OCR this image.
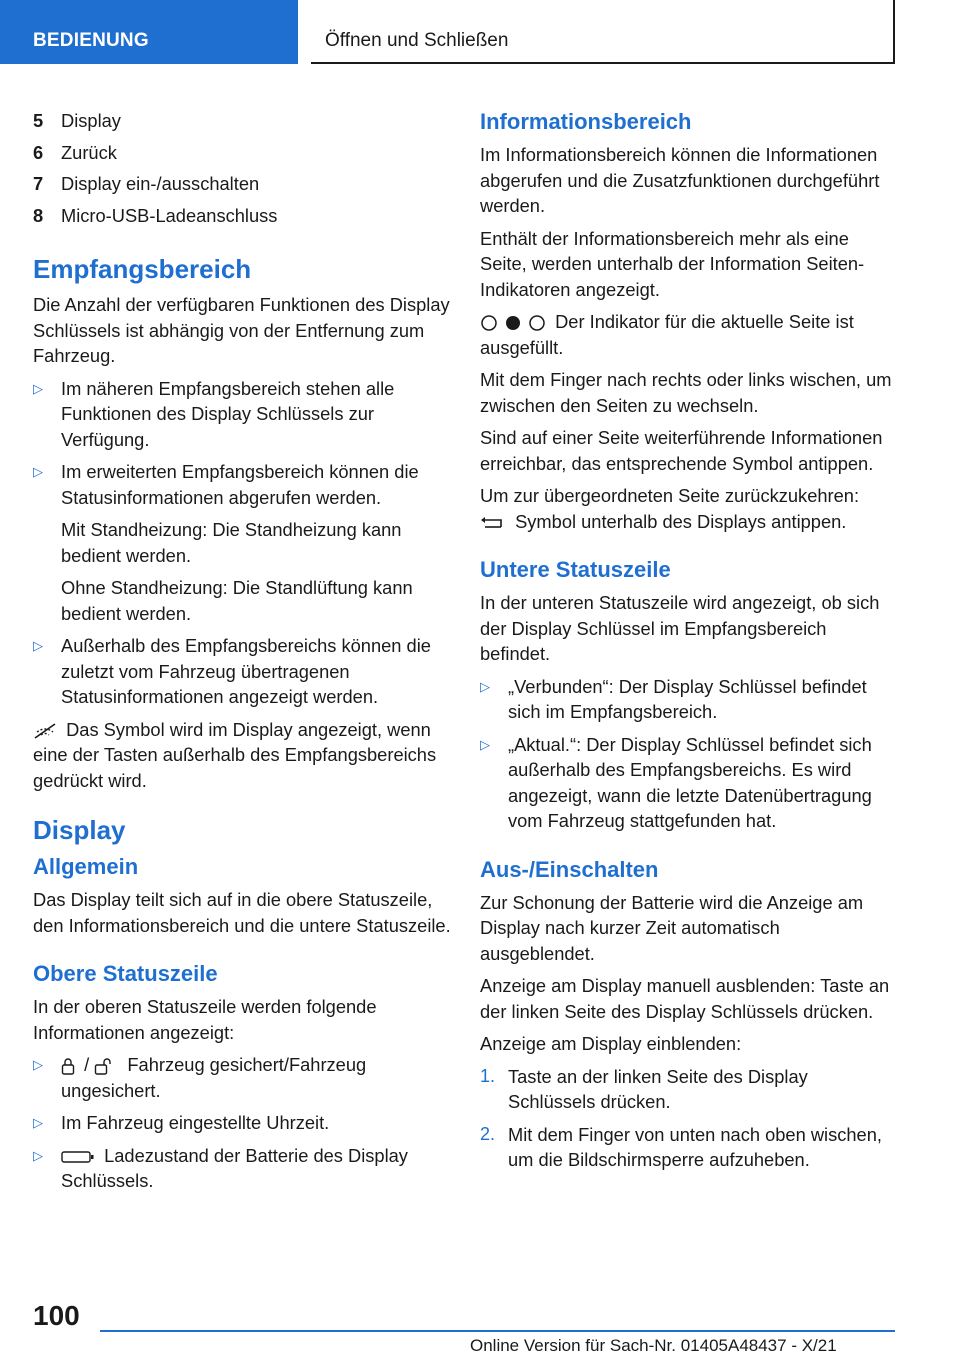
BEDIENUNG	Öffnen und Schließen
5 Display
6 Zurück
7 Display ein-/ausschalten
8 Micro-USB-Ladeanschluss
Empfangsbereich

Die Anzahl der verfügbaren Funktionen des Display Schlüssels ist abhängig von der Entfernung zum Fahrzeug.

▷ Im näheren Empfangsbereich stehen alle Funktionen des Display Schlüssels zur Verfügung.
▷ Im erweiterten Empfangsbereich können die Statusinformationen abgerufen werden.

Mit Standheizung: Die Standheizung kann bedient werden.

Ohne Standheizung: Die Standlüftung kann bedient werden.

▷ Außerhalb des Empfangsbereichs können die zuletzt vom Fahrzeug übertragenen Statusinformationen angezeigt werden.

Das Symbol wird im Display angezeigt, wenn eine der Tasten außerhalb des Empfangsbereichs gedrückt wird.

Display
Allgemein

Das Display teilt sich auf in die obere Statuszeile, den Informationsbereich und die untere Statuszeile.

Obere Statuszeile

In der oberen Statuszeile werden folgende Informationen angezeigt:

▷	/ Fahrzeug gesichert/Fahrzeug ungesichert.
▷ Im Fahrzeug eingestellte Uhrzeit.
▷	Ladezustand der Batterie des Display Schlüssels.
Informationsbereich

Im Informationsbereich können die Informationen abgerufen und die Zusatzfunktionen durchgeführt werden.

Enthält der Informationsbereich mehr als eine Seite, werden unterhalb der Information Seiten-Indikatoren angezeigt.

Der Indikator für die aktuelle Seite ist ausgefüllt.

Mit dem Finger nach rechts oder links wischen, um zwischen den Seiten zu wechseln.

Sind auf einer Seite weiterführende Informationen erreichbar, das entsprechende Symbol antippen.

Um zur übergeordneten Seite zurückzukehren:

Symbol unterhalb des Displays antippen.

Untere Statuszeile

In der unteren Statuszeile wird angezeigt, ob sich der Display Schlüssel im Empfangsbereich befindet.

▷ „Verbunden“: Der Display Schlüssel befindet sich im Empfangsbereich.
▷ „Aktual.“: Der Display Schlüssel befindet sich außerhalb des Empfangsbereichs. Es wird angezeigt, wann die letzte Datenübertragung vom Fahrzeug stattgefunden hat.
Aus-/Einschalten

Zur Schonung der Batterie wird die Anzeige am Display nach kurzer Zeit automatisch ausgeblendet.

Anzeige am Display manuell ausblenden: Taste an der linken Seite des Display Schlüssels drücken.

Anzeige am Display einblenden:

1. Taste an der linken Seite des Display Schlüssels drücken.
2. Mit dem Finger von unten nach oben wischen, um die Bildschirmsperre aufzuheben.
100
Online Version für Sach-Nr. 01405A48437 - X/21
